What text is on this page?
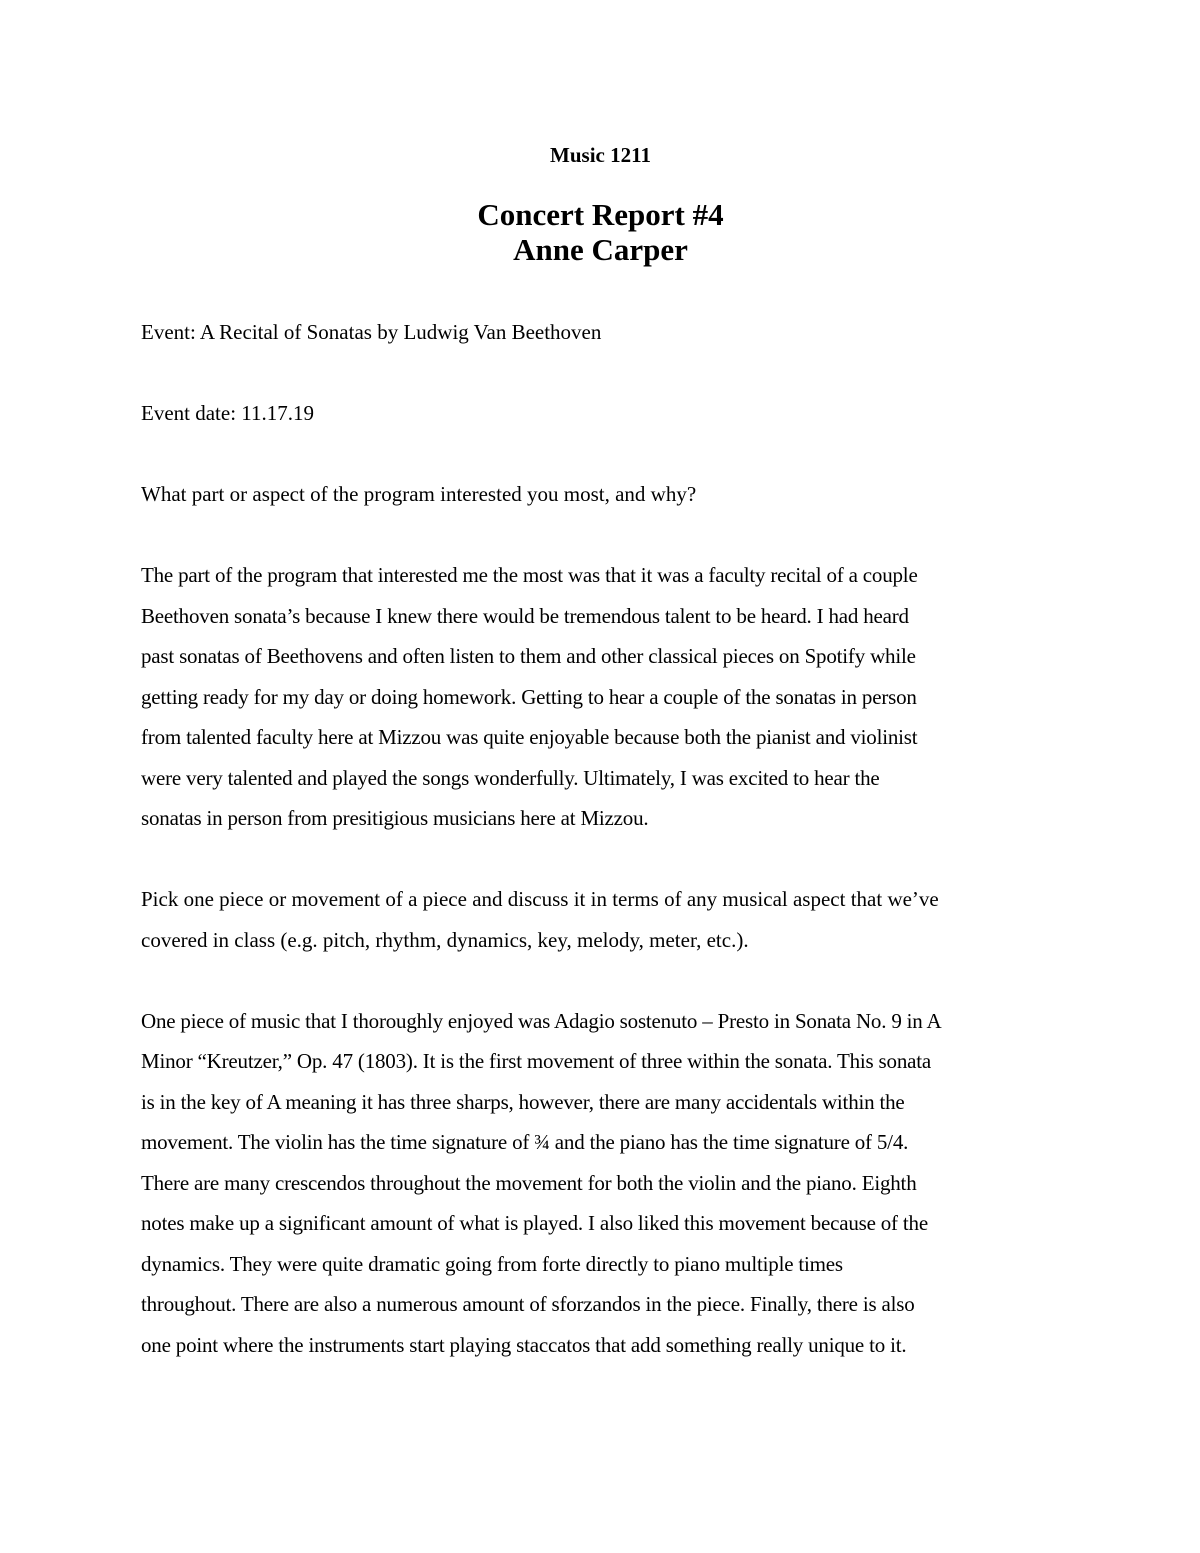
Music 1211

Concert Report #4
Anne Carper

Event: A Recital of Sonatas by Ludwig Van Beethoven

Event date: 11.17.19

What part or aspect of the program interested you most, and why?

The part of the program that interested me the most was that it was a faculty recital of a couple

Beethoven sonata’s because I knew there would be tremendous talent to be heard. I had heard

past sonatas of Beethovens and often listen to them and other classical pieces on Spotify while

getting ready for my day or doing homework. Getting to hear a couple of the sonatas in person

from talented faculty here at Mizzou was quite enjoyable because both the pianist and violinist

were very talented and played the songs wonderfully. Ultimately, I was excited to hear the

sonatas in person from presitigious musicians here at Mizzou.

Pick one piece or movement of a piece and discuss it in terms of any musical aspect that we’ve

covered in class (e.g. pitch, rhythm, dynamics, key, melody, meter, etc.).

One piece of music that I thoroughly enjoyed was Adagio sostenuto – Presto in Sonata No. 9 in A

Minor “Kreutzer,” Op. 47 (1803). It is the first movement of three within the sonata. This sonata

is in the key of A meaning it has three sharps, however, there are many accidentals within the

movement. The violin has the time signature of ¾ and the piano has the time signature of 5/4.

There are many crescendos throughout the movement for both the violin and the piano. Eighth

notes make up a significant amount of what is played. I also liked this movement because of the

dynamics. They were quite dramatic going from forte directly to piano multiple times

throughout. There are also a numerous amount of sforzandos in the piece. Finally, there is also

one point where the instruments start playing staccatos that add something really unique to it.
